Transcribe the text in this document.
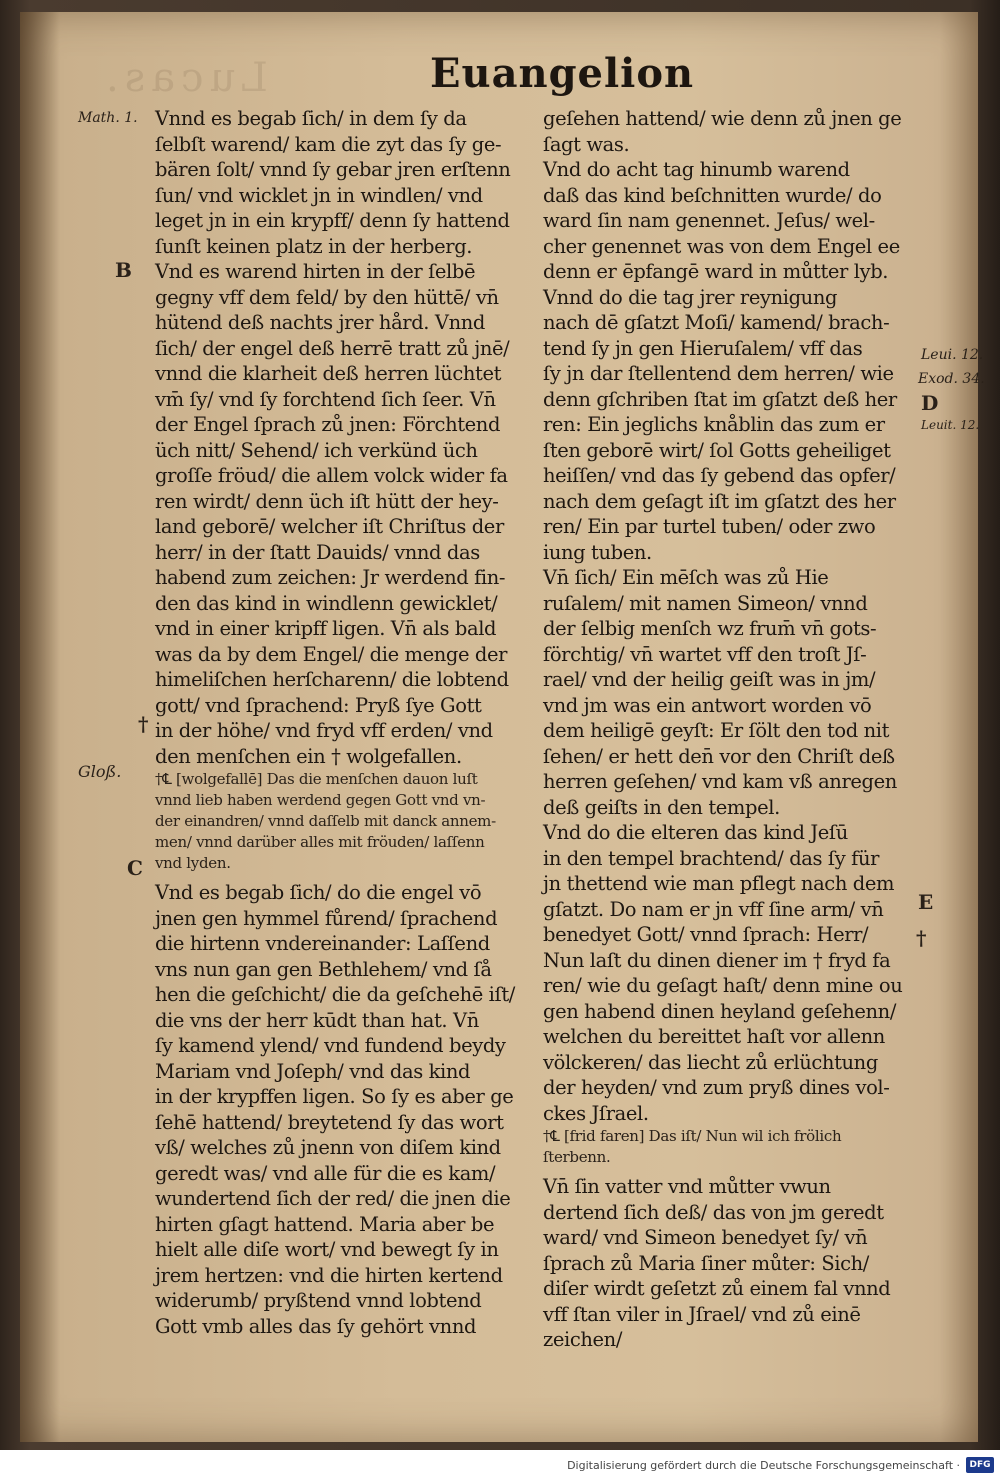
Lucas.	Euangelion
Vnnd es begab ſich/ in dem ſy da
ſelbſt warend/ kam die zyt das ſy ge-
bären ſolt/ vnnd ſy gebar jren erſtenn
ſun/ vnd wicklet jn in windlen/ vnd
leget jn in ein krypff/ denn ſy hattend
ſunſt keinen platz in der herberg.
Vnd es warend hirten in der ſelbē
gegny vff dem feld/ by den hüttē/ vn̄
hütend deß nachts jrer hård. Vnnd
ſich/ der engel deß herrē tratt zů jnē/
vnnd die klarheit deß herren lüchtet
vm̄ ſy/ vnd ſy forchtend ſich ſeer. Vn̄
der Engel ſprach zů jnen: Förchtend
üch nitt/ Sehend/ ich verkünd üch
groſſe fröud/ die allem volck wider fa
ren wirdt/ denn üch iſt hütt der hey-
land geborē/ welcher iſt Chriſtus der
herr/ in der ſtatt Dauids/ vnnd das
habend zum zeichen: Jr werdend fin-
den das kind in windlenn gewicklet/
vnd in einer kripff ligen. Vn̄ als bald
was da by dem Engel/ die menge der
himeliſchen herſcharenn/ die lobtend
gott/ vnd ſprachend: Pryß ſye Gott
in der höhe/ vnd fryd vff erden/ vnd
den menſchen ein † wolgefallen.
†℄ [wolgefallē] Das die menſchen dauon luſt
vnnd lieb haben werdend gegen Gott vnd vn-
der einandren/ vnnd daſſelb mit danck annem-
men/ vnnd darüber alles mit fröuden/ laſſenn
vnd lyden.
Vnd es begab ſich/ do die engel vō
jnen gen hymmel fůrend/ ſprachend
die hirtenn vndereinander: Laſſend
vns nun gan gen Bethlehem/ vnd ſå
hen die geſchicht/ die da geſchehē iſt/
die vns der herr kūdt than hat. Vn̄
ſy kamend ylend/ vnd fundend beydy
Mariam vnd Joſeph/ vnd das kind
in der krypffen ligen. So ſy es aber ge
ſehē hattend/ breytetend ſy das wort
vß/ welches zů jnenn von diſem kind
geredt was/ vnd alle für die es kam/
wundertend ſich der red/ die jnen die
hirten gſagt hattend. Maria aber be
hielt alle diſe wort/ vnd bewegt ſy in
jrem hertzen: vnd die hirten kertend
widerumb/ pryßtend vnnd lobtend
Gott vmb alles das ſy gehört vnnd
geſehen hattend/ wie denn zů jnen ge
ſagt was.
Vnd do acht tag hinumb warend
daß das kind beſchnitten wurde/ do
ward ſin nam genennet. Jeſus/ wel-
cher genennet was von dem Engel ee
denn er ēpfangē ward in můtter lyb.
Vnnd do die tag jrer reynigung
nach dē gſatzt Moſi/ kamend/ brach-
tend ſy jn gen Hieruſalem/ vff das
ſy jn dar ſtellentend dem herren/ wie
denn gſchriben ſtat im gſatzt deß her
ren: Ein jeglichs knåblin das zum er
ſten geborē wirt/ ſol Gotts geheiliget
heiſſen/ vnd das ſy gebend das opfer/
nach dem geſagt iſt im gſatzt des her
ren/ Ein par turtel tuben/ oder zwo
iung tuben.
Vn̄ ſich/ Ein mēſch was zů Hie
ruſalem/ mit namen Simeon/ vnnd
der ſelbig menſch wz frum̄ vn̄ gots-
förchtig/ vn̄ wartet vff den troſt Jſ-
rael/ vnd der heilig geiſt was in jm/
vnd jm was ein antwort worden vō
dem heiligē geyſt: Er ſölt den tod nit
ſehen/ er hett den̄ vor den Chriſt deß
herren geſehen/ vnd kam vß anregen
deß geiſts in den tempel.
Vnd do die elteren das kind Jeſū
in den tempel brachtend/ das ſy für
jn thettend wie man pflegt nach dem
gſatzt. Do nam er jn vff ſine arm/ vn̄
benedyet Gott/ vnnd ſprach: Herr/
Nun laſt du dinen diener im † fryd fa
ren/ wie du geſagt haſt/ denn mine ou
gen habend dinen heyland geſehenn/
welchen du bereittet haſt vor allenn
völckeren/ das liecht zů erlüchtung
der heyden/ vnd zum pryß dines vol-
ckes Jſrael.
†℄ [frid faren] Das iſt/ Nun wil ich frölich
ſterbenn.
Vn̄ ſin vatter vnd můtter vwun
dertend ſich deß/ das von jm geredt
ward/ vnd Simeon benedyet ſy/ vn̄
ſprach zů Maria ſiner můter: Sich/
diſer wirdt geſetzt zů einem fal vnnd
vff ſtan viler in Jſrael/ vnd zů einē
zeichen/
Math. 1.
B
†
Gloß.
C
Leui. 12.
Exod. 34.
D
Leuit. 12.
E
†
Digitalisierung gefördert durch die Deutsche Forschungsgemeinschaft ·	DFG
